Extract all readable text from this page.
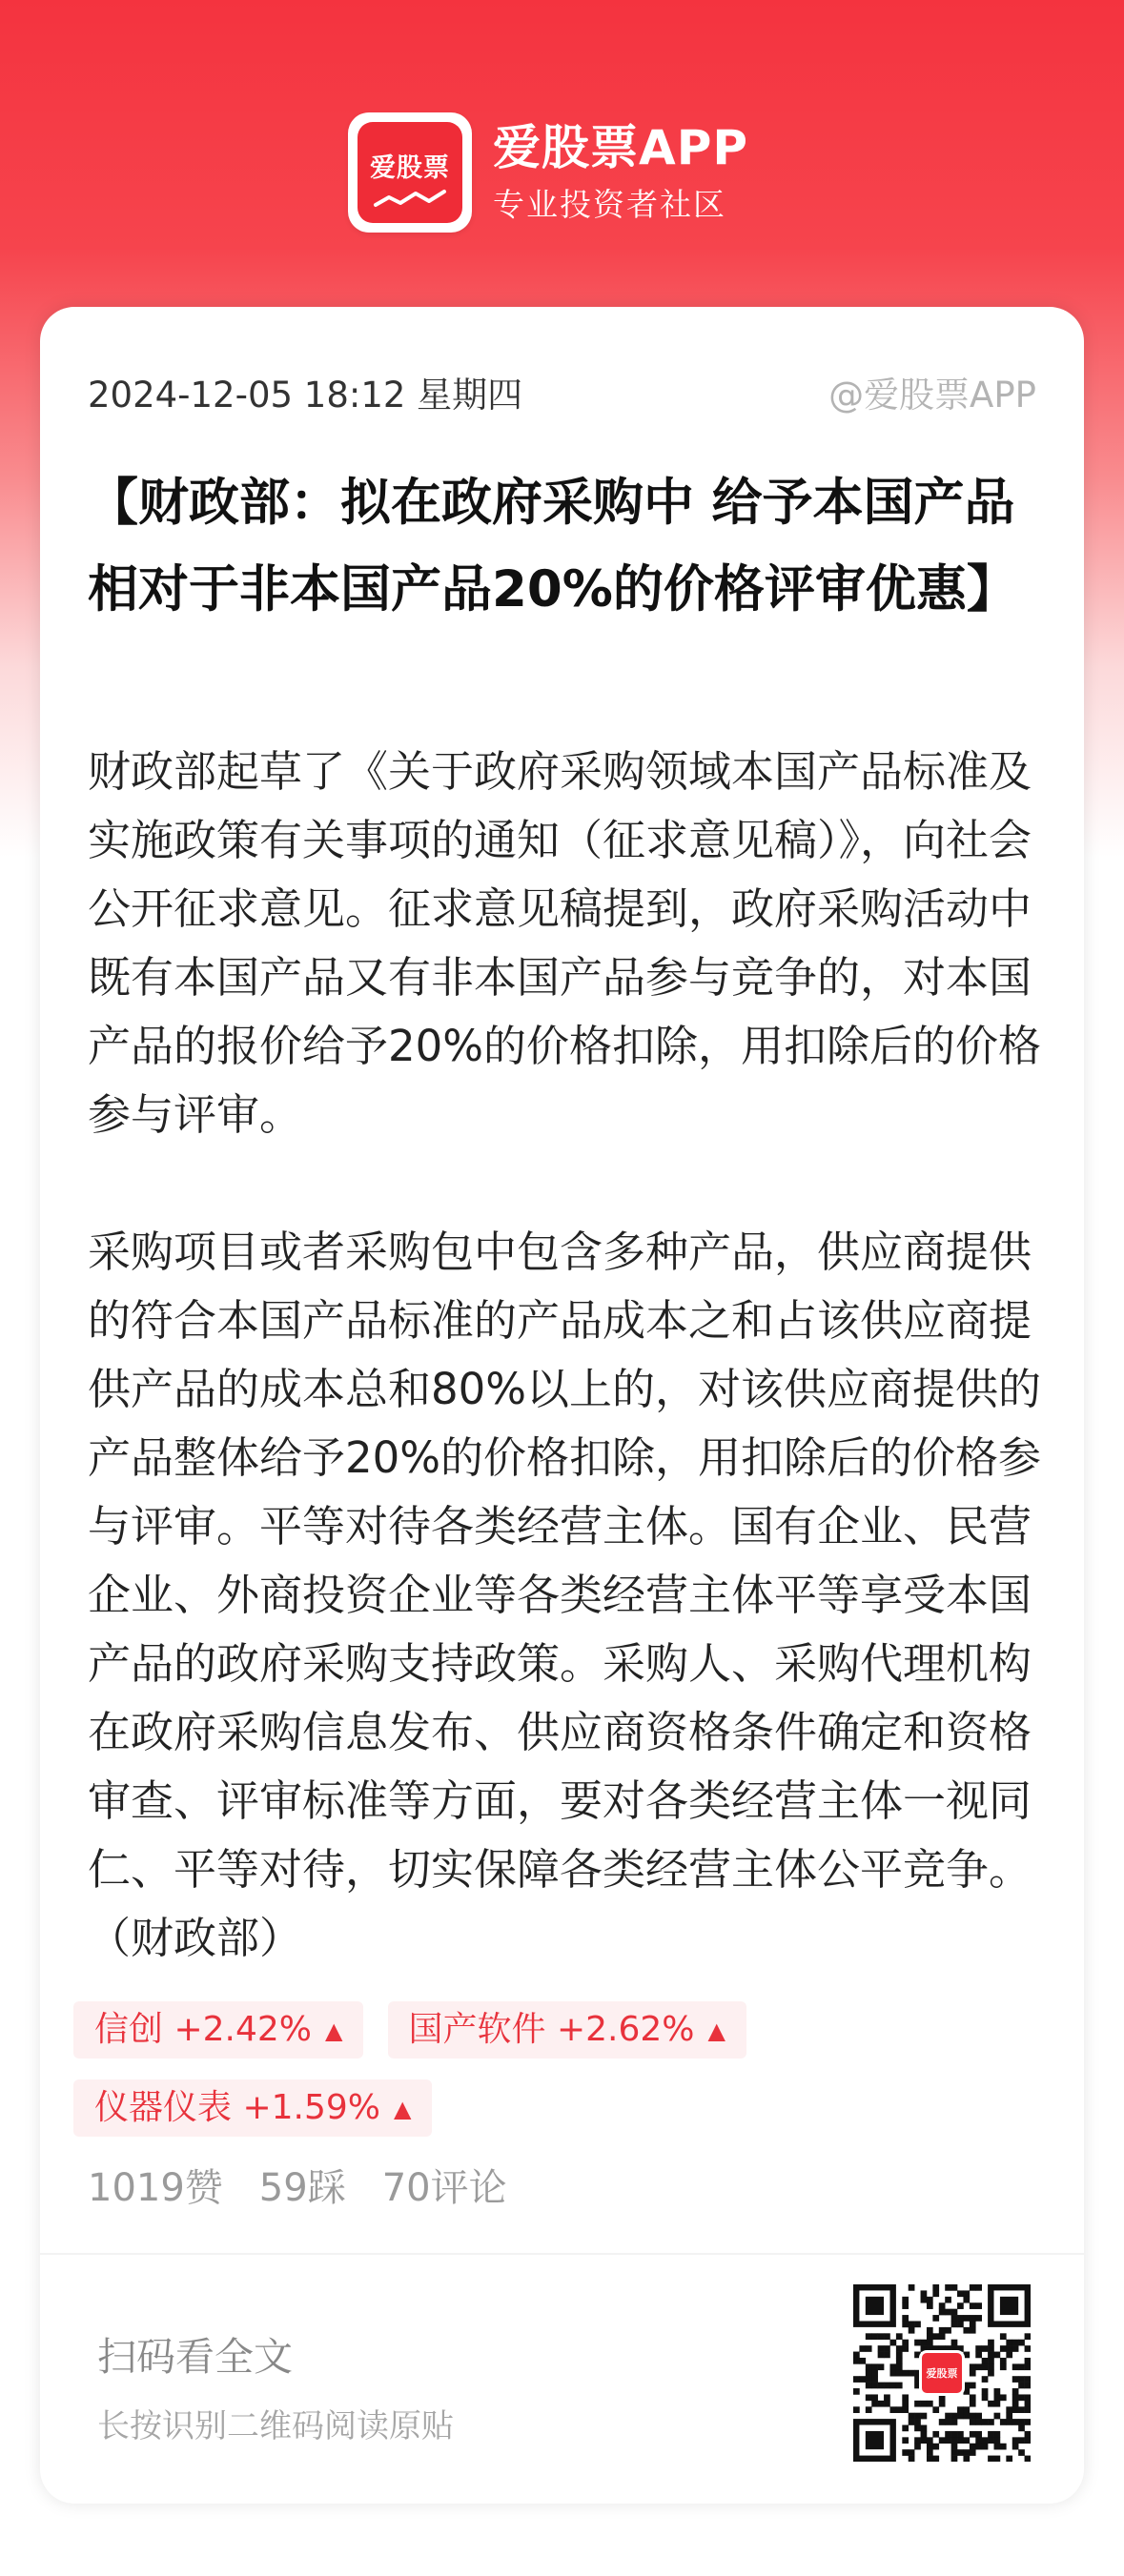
爱股票 爱股票APP
专业投资者社区
2024-12-05 18:12 星期四	@爱股票APP
【财政部：拟在政府采购中 给予本国产品相对于非本国产品20%的价格评审优惠】

财政部起草了《关于政府采购领域本国产品标准及实施政策有关事项的通知（征求意见稿）》，向社会公开征求意见。征求意见稿提到，政府采购活动中既有本国产品又有非本国产品参与竞争的，对本国产品的报价给予20%的价格扣除，用扣除后的价格参与评审。

采购项目或者采购包中包含多种产品，供应商提供的符合本国产品标准的产品成本之和占该供应商提供产品的成本总和80%以上的，对该供应商提供的产品整体给予20%的价格扣除，用扣除后的价格参与评审。平等对待各类经营主体。国有企业、民营企业、外商投资企业等各类经营主体平等享受本国产品的政府采购支持政策。采购人、采购代理机构在政府采购信息发布、供应商资格条件确定和资格审查、评审标准等方面，要对各类经营主体一视同仁、平等对待，切实保障各类经营主体公平竞争。（财政部）

信创 +2.42% ▲ 国产软件 +2.62% ▲ 仪器仪表 +1.59% ▲
1019赞 59踩 70评论
扫码看全文
长按识别二维码阅读原贴
爱股票
